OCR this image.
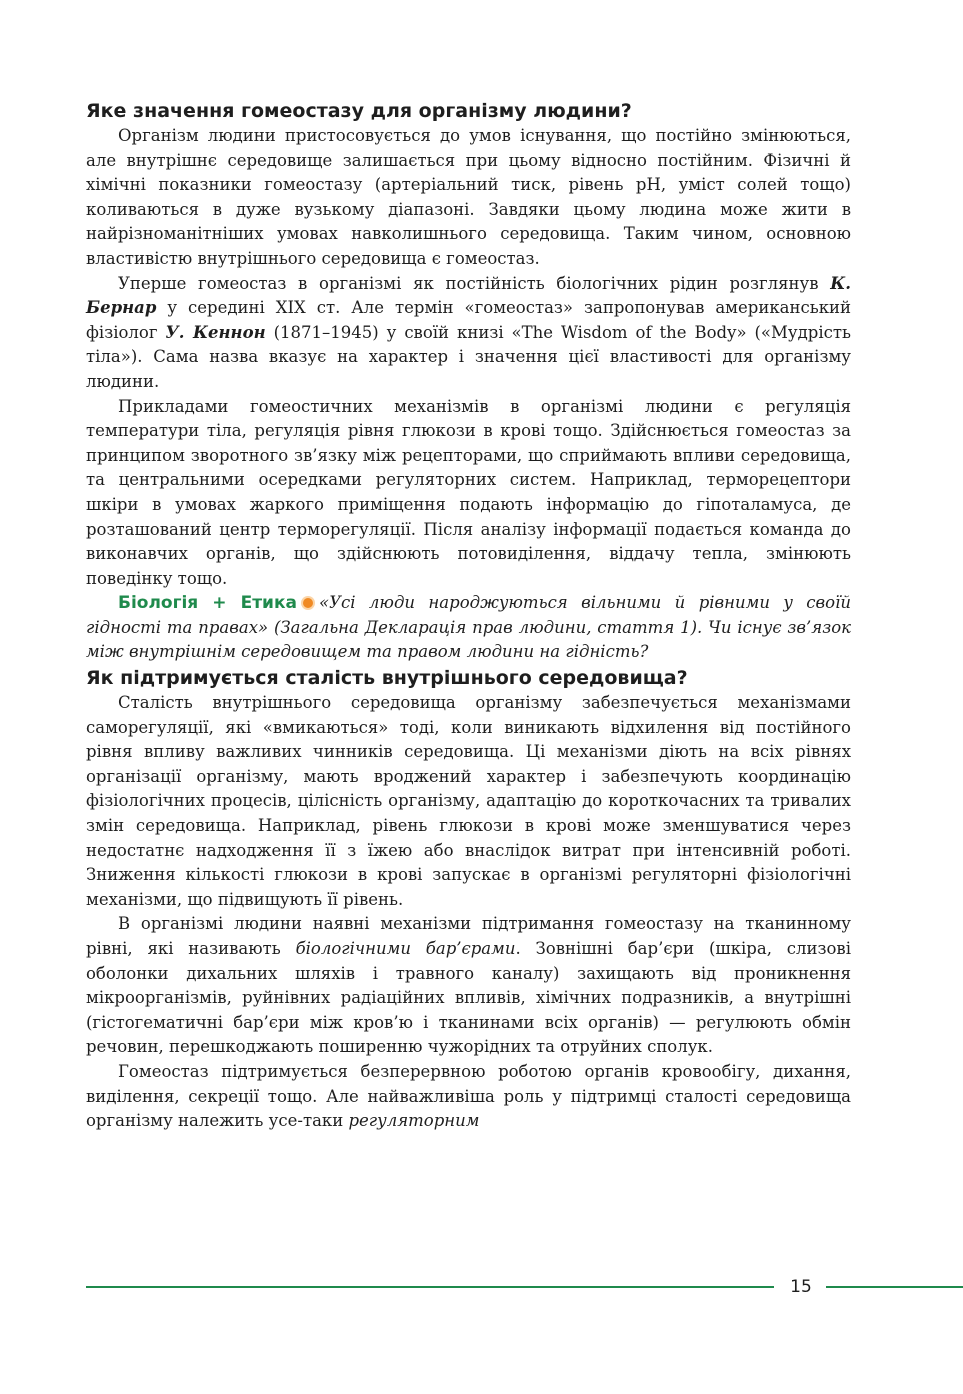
Яке значення гомеостазу для організму людини?

Організм людини пристосовується до умов існування, що постійно змінюються, але внутрішнє середовище залишається при цьому відносно постійним. Фізичні й хімічні показники гомеостазу (артеріальний тиск, рівень pH, уміст солей тощо) коливаються в дуже вузькому діапазоні. Завдяки цьому людина може жити в найрізноманітніших умовах навколишнього середовища. Таким чином, основною властивістю внутрішнього середовища є гомеостаз.

Уперше гомеостаз в організмі як постійність біологічних рідин розглянув К. Бернар у середині XIX ст. Але термін «гомеостаз» запропонував американський фізіолог У. Кеннон (1871–1945) у своїй книзі «The Wisdom of the Body» («Мудрість тіла»). Сама назва вказує на характер і значення цієї властивості для організму людини.

Прикладами гомеостичних механізмів в організмі людини є регуляція температури тіла, регуляція рівня глюкози в крові тощо. Здійснюється гомеостаз за принципом зворотного зв’язку між рецепторами, що сприймають впливи середовища, та центральними осередками регуляторних систем. Наприклад, терморецептори шкіри в умовах жаркого приміщення подають інформацію до гіпоталамуса, де розташований центр терморегуляції. Після аналізу інформації подається команда до виконавчих органів, що здійснюють потовиділення, віддачу тепла, змінюють поведінку тощо.

Біологія + Етика «Усі люди народжуються вільними й рівними у своїй гідності та правах» (Загальна Декларація прав людини, стаття 1). Чи існує зв’язок між внутрішнім середовищем та правом людини на гідність?

Як підтримується сталість внутрішнього середовища?

Сталість внутрішнього середовища організму забезпечується механізмами саморегуляції, які «вмикаються» тоді, коли виникають відхилення від постійного рівня впливу важливих чинників середовища. Ці механізми діють на всіх рівнях організації організму, мають вроджений характер і забезпечують координацію фізіологічних процесів, цілісність організму, адаптацію до короткочасних та тривалих змін середовища. Наприклад, рівень глюкози в крові може зменшуватися через недостатнє надходження її з їжею або внаслідок витрат при інтенсивній роботі. Зниження кількості глюкози в крові запускає в організмі регуляторні фізіологічні механізми, що підвищують її рівень.

В організмі людини наявні механізми підтримання гомеостазу на тканинному рівні, які називають біологічними бар’єрами. Зовнішні бар’єри (шкіра, слизові оболонки дихальних шляхів і травного каналу) захищають від проникнення мікроорганізмів, руйнівних радіаційних впливів, хімічних подразників, а внутрішні (гістогематичні бар’єри між кров’ю і тканинами всіх органів) — регулюють обмін речовин, перешкоджають поширенню чужорідних та отруйних сполук.

Гомеостаз підтримується безперервною роботою органів кровообігу, дихання, виділення, секреції тощо. Але найважливіша роль у підтримці сталості середовища організму належить усе-таки регуляторним

15
